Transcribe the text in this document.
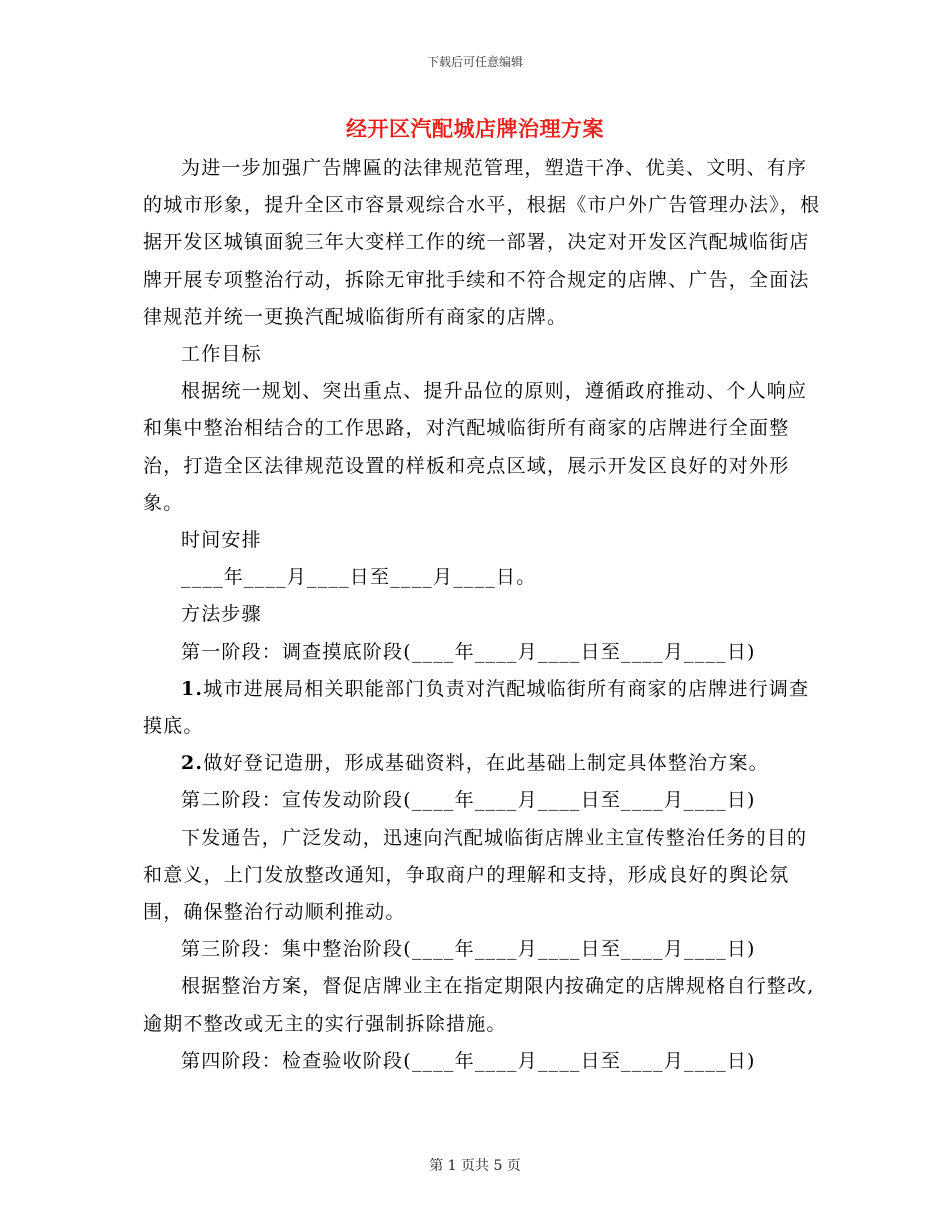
下载后可任意编辑
经开区汽配城店牌治理方案

为进一步加强广告牌匾的法律规范管理，塑造干净、优美、文明、有序的城市形象，提升全区市容景观综合水平，根据《市户外广告管理办法》，根据开发区城镇面貌三年大变样工作的统一部署，决定对开发区汽配城临街店牌开展专项整治行动，拆除无审批手续和不符合规定的店牌、广告，全面法律规范并统一更换汽配城临街所有商家的店牌。

工作目标

根据统一规划、突出重点、提升品位的原则，遵循政府推动、个人响应和集中整治相结合的工作思路，对汽配城临街所有商家的店牌进行全面整治，打造全区法律规范设置的样板和亮点区域，展示开发区良好的对外形象。

时间安排

____年____月____日至____月____日。

方法步骤

第一阶段：调查摸底阶段(____年____月____日至____月____日)

1.城市进展局相关职能部门负责对汽配城临街所有商家的店牌进行调查摸底。

2.做好登记造册，形成基础资料，在此基础上制定具体整治方案。

第二阶段：宣传发动阶段(____年____月____日至____月____日)

下发通告，广泛发动，迅速向汽配城临街店牌业主宣传整治任务的目的和意义，上门发放整改通知，争取商户的理解和支持，形成良好的舆论氛围，确保整治行动顺利推动。

第三阶段：集中整治阶段(____年____月____日至____月____日)

根据整治方案，督促店牌业主在指定期限内按确定的店牌规格自行整改,逾期不整改或无主的实行强制拆除措施。

第四阶段：检查验收阶段(____年____月____日至____月____日)

第 1 页共 5 页
